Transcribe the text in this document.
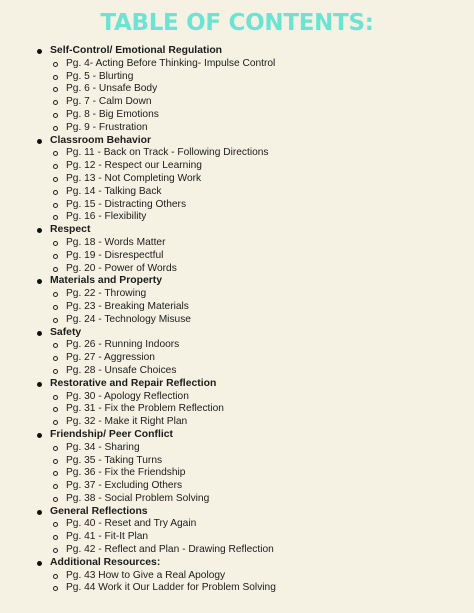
TABLE OF CONTENTS:
Self-Control/ Emotional Regulation
Pg. 4- Acting Before Thinking- Impulse Control
Pg. 5 - Blurting
Pg. 6 - Unsafe Body
Pg. 7 - Calm Down
Pg. 8 - Big Emotions
Pg. 9 - Frustration
Classroom Behavior
Pg. 11 - Back on Track - Following Directions
Pg. 12 - Respect our Learning
Pg. 13 - Not Completing Work
Pg. 14 - Talking Back
Pg. 15 - Distracting Others
Pg. 16 - Flexibility
Respect
Pg. 18 - Words Matter
Pg. 19 - Disrespectful
Pg. 20 - Power of Words
Materials and Property
Pg. 22 - Throwing
Pg. 23 - Breaking Materials
Pg. 24 - Technology Misuse
Safety
Pg. 26 - Running Indoors
Pg. 27 - Aggression
Pg. 28 - Unsafe Choices
Restorative and Repair Reflection
Pg. 30 - Apology Reflection
Pg. 31 - Fix the Problem Reflection
Pg. 32 - Make it Right Plan
Friendship/ Peer Conflict
Pg. 34 - Sharing
Pg. 35 - Taking Turns
Pg. 36 - Fix the Friendship
Pg. 37 - Excluding Others
Pg. 38 - Social Problem Solving
General Reflections
Pg. 40 - Reset and Try Again
Pg. 41 - Fit-It Plan
Pg. 42 - Reflect and Plan - Drawing Reflection
Additional Resources:
Pg. 43 How to Give a Real Apology
Pg. 44 Work it Our Ladder for Problem Solving
